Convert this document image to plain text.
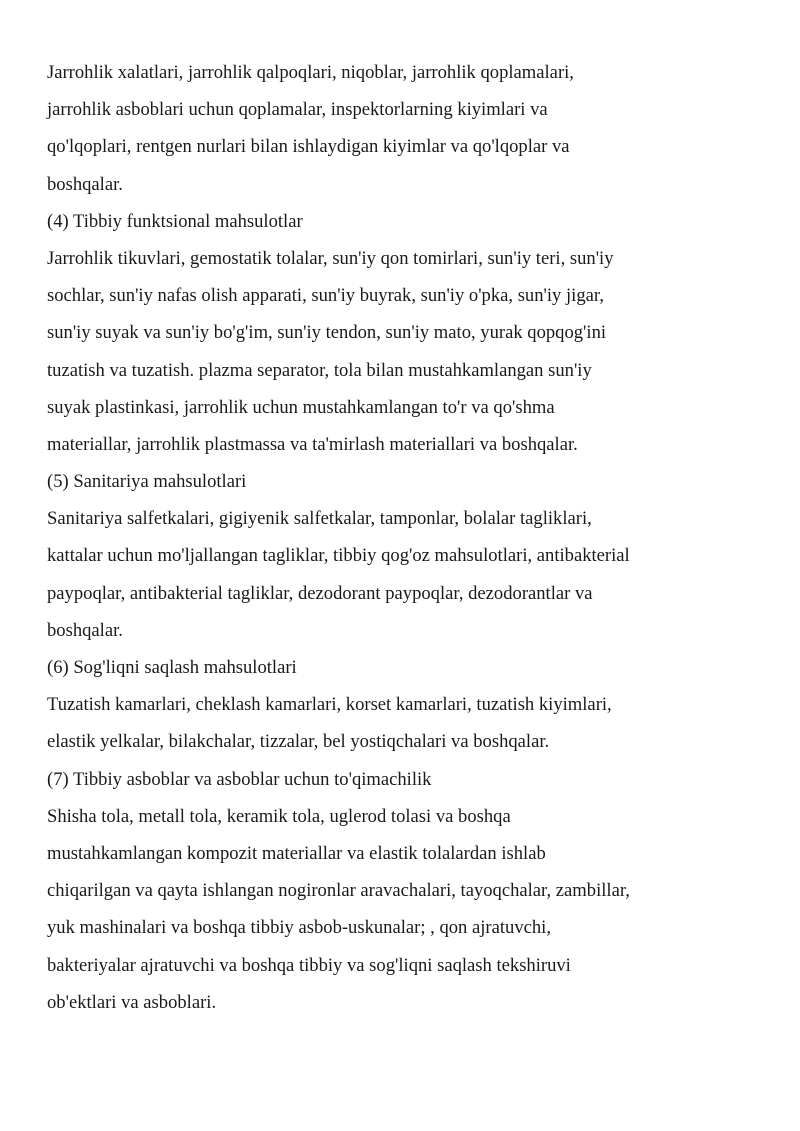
Jarrohlik xalatlari, jarrohlik qalpoqlari, niqoblar, jarrohlik qoplamalari,
jarrohlik asboblari uchun qoplamalar, inspektorlarning kiyimlari va
qo'lqoplari, rentgen nurlari bilan ishlaydigan kiyimlar va qo'lqoplar va
boshqalar.
(4) Tibbiy funktsional mahsulotlar
Jarrohlik tikuvlari, gemostatik tolalar, sun'iy qon tomirlari, sun'iy teri, sun'iy
sochlar, sun'iy nafas olish apparati, sun'iy buyrak, sun'iy o'pka, sun'iy jigar,
sun'iy suyak va sun'iy bo'g'im, sun'iy tendon, sun'iy mato, yurak qopqog'ini
tuzatish va tuzatish. plazma separator, tola bilan mustahkamlangan sun'iy
suyak plastinkasi, jarrohlik uchun mustahkamlangan to'r va qo'shma
materiallar, jarrohlik plastmassa va ta'mirlash materiallari va boshqalar.
(5) Sanitariya mahsulotlari
Sanitariya salfetkalari, gigiyenik salfetkalar, tamponlar, bolalar tagliklari,
kattalar uchun mo'ljallangan tagliklar, tibbiy qog'oz mahsulotlari, antibakterial
paypoqlar, antibakterial tagliklar, dezodorant paypoqlar, dezodorantlar va
boshqalar.
(6) Sog'liqni saqlash mahsulotlari
Tuzatish kamarlari, cheklash kamarlari, korset kamarlari, tuzatish kiyimlari,
elastik yelkalar, bilakchalar, tizzalar, bel yostiqchalari va boshqalar.
(7) Tibbiy asboblar va asboblar uchun to'qimachilik
Shisha tola, metall tola, keramik tola, uglerod tolasi va boshqa
mustahkamlangan kompozit materiallar va elastik tolalardan ishlab
chiqarilgan va qayta ishlangan nogironlar aravachalari, tayoqchalar, zambillar,
yuk mashinalari va boshqa tibbiy asbob-uskunalar; , qon ajratuvchi,
bakteriyalar ajratuvchi va boshqa tibbiy va sog'liqni saqlash tekshiruvi
ob'ektlari va asboblari.
